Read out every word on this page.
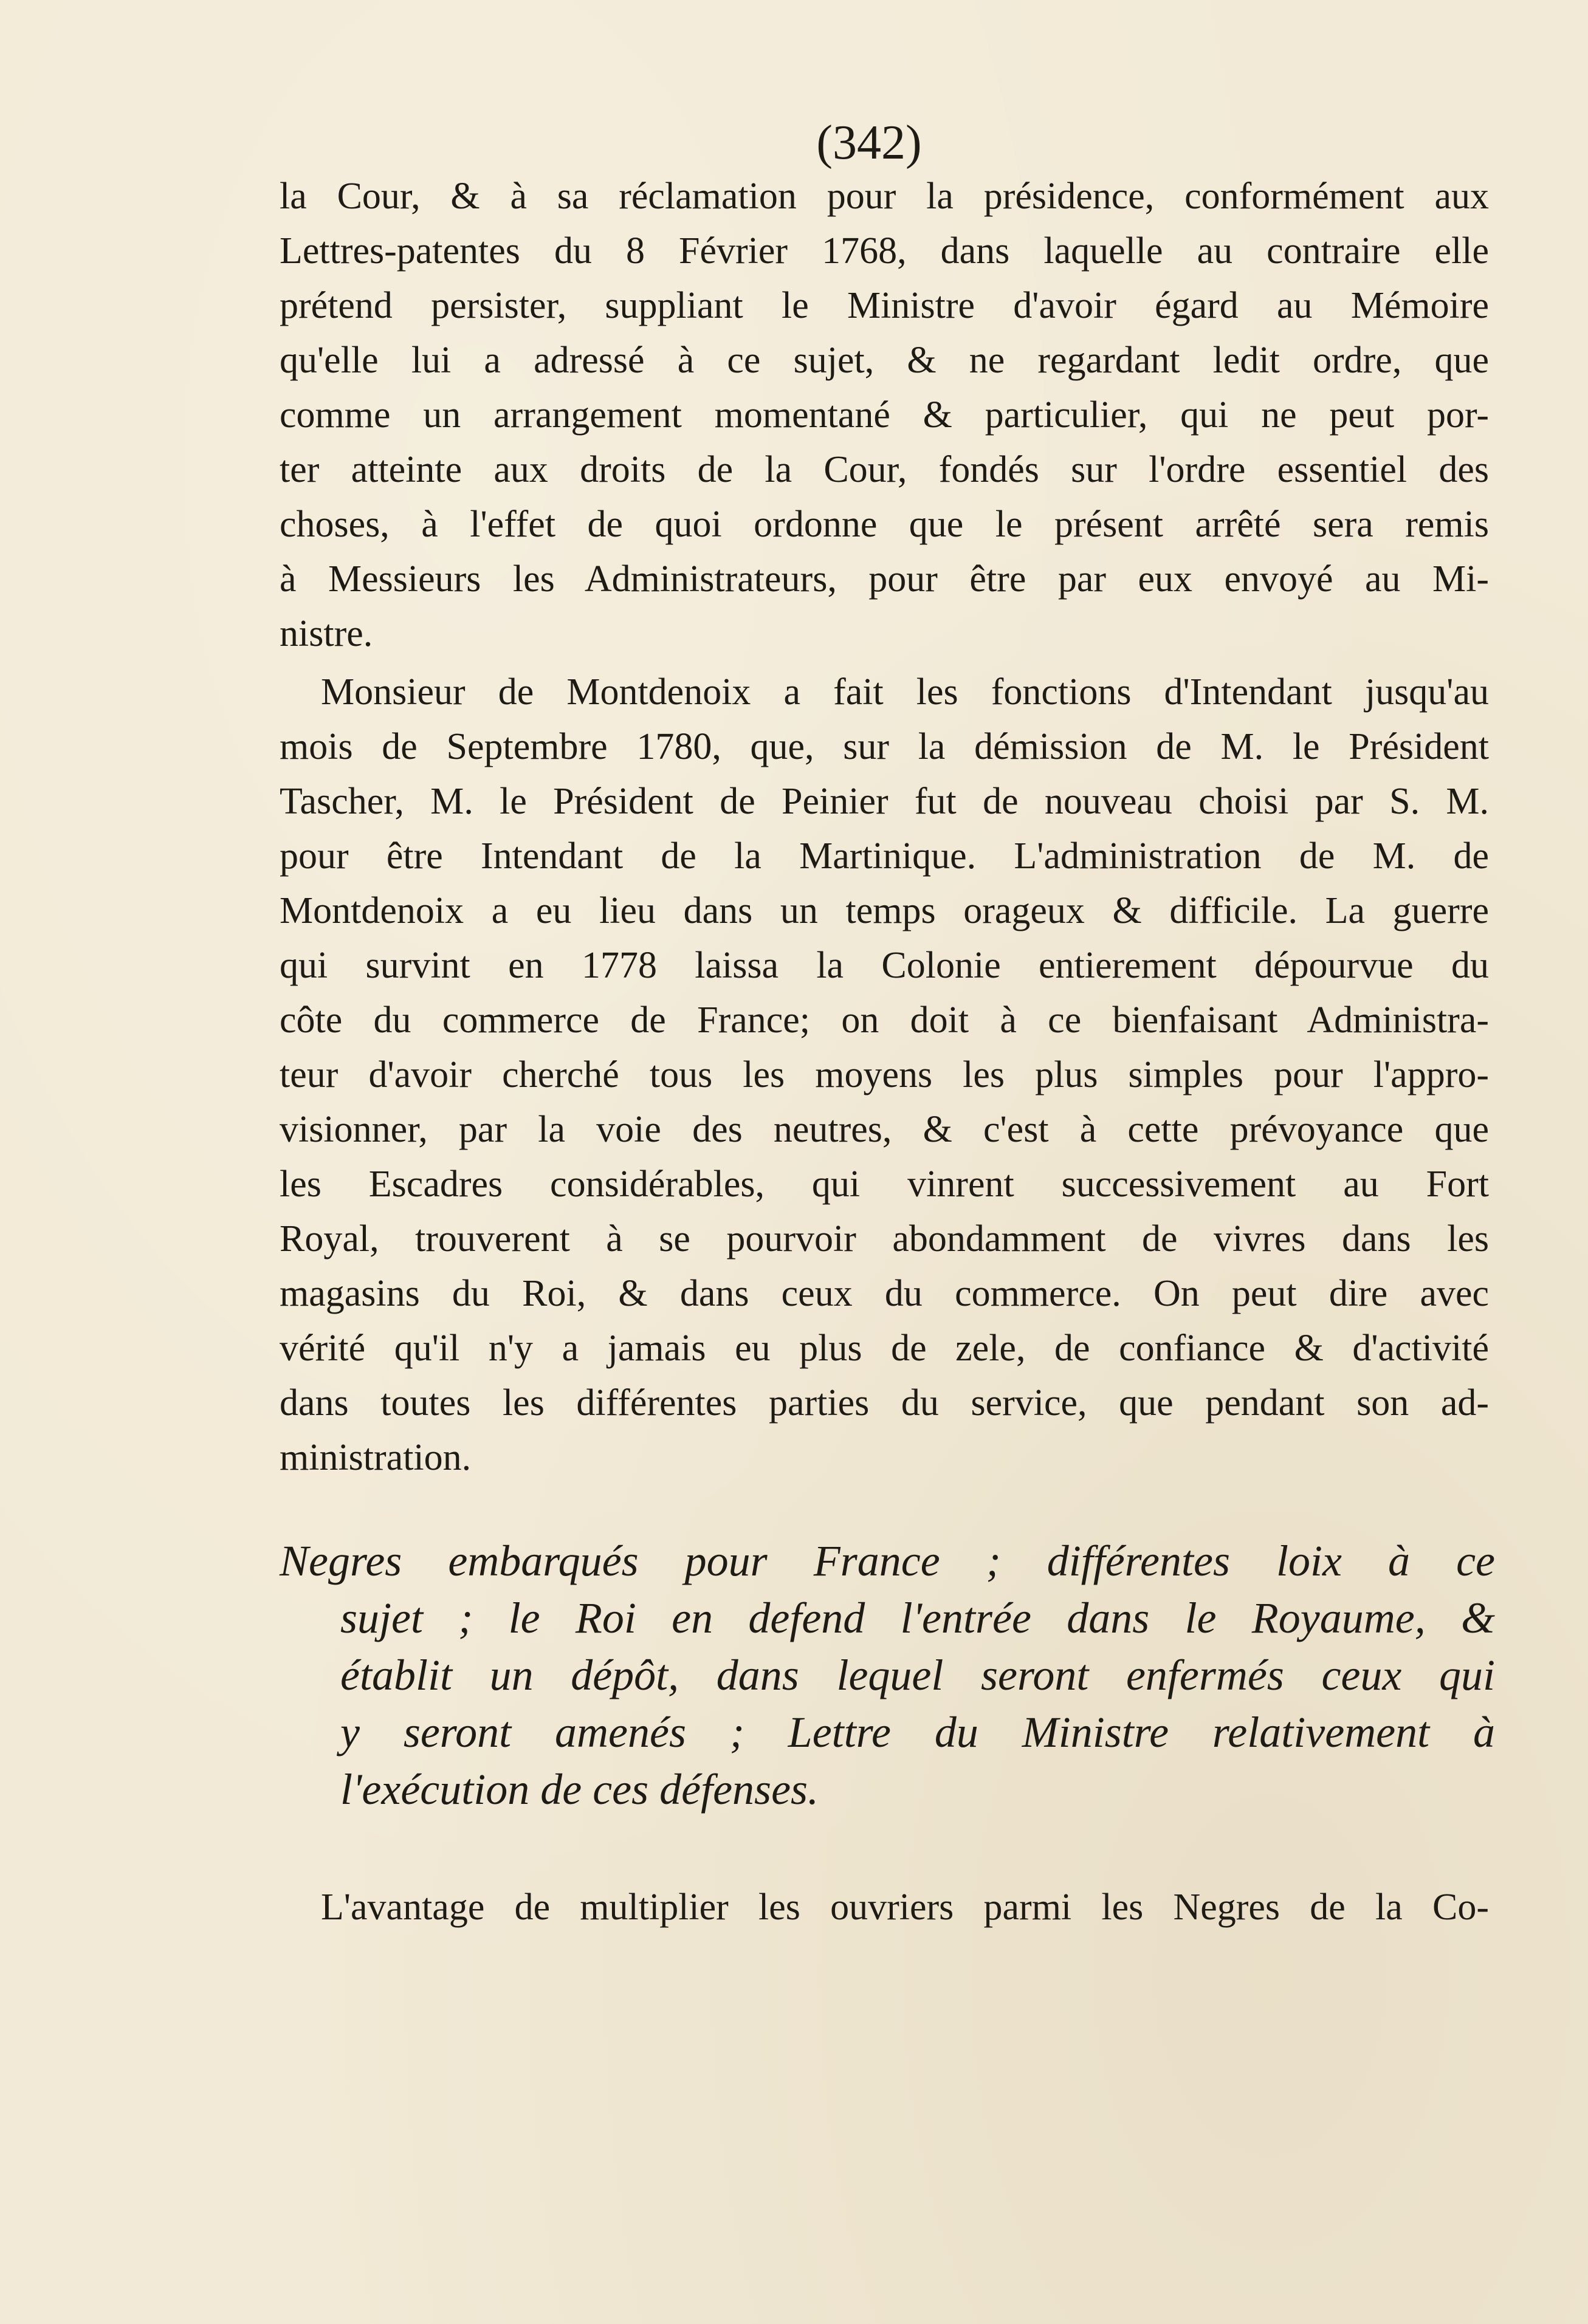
(342)
la Cour, & à sa réclamation pour la présidence, conformément aux
Lettres-patentes du 8 Février 1768, dans laquelle au contraire elle
prétend persister, suppliant le Ministre d'avoir égard au Mémoire
qu'elle lui a adressé à ce sujet, & ne regardant ledit ordre, que
comme un arrangement momentané & particulier, qui ne peut por-
ter atteinte aux droits de la Cour, fondés sur l'ordre essentiel des
choses, à l'effet de quoi ordonne que le présent arrêté sera remis
à Messieurs les Administrateurs, pour être par eux envoyé au Mi-
nistre.
Monsieur de Montdenoix a fait les fonctions d'Intendant jusqu'au
mois de Septembre 1780, que, sur la démission de M. le Président
Tascher, M. le Président de Peinier fut de nouveau choisi par S. M.
pour être Intendant de la Martinique. L'administration de M. de
Montdenoix a eu lieu dans un temps orageux & difficile. La guerre
qui survint en 1778 laissa la Colonie entierement dépourvue du
côte du commerce de France; on doit à ce bienfaisant Administra-
teur d'avoir cherché tous les moyens les plus simples pour l'appro-
visionner, par la voie des neutres, & c'est à cette prévoyance que
les Escadres considérables, qui vinrent successivement au Fort
Royal, trouverent à se pourvoir abondamment de vivres dans les
magasins du Roi, & dans ceux du commerce. On peut dire avec
vérité qu'il n'y a jamais eu plus de zele, de confiance & d'activité
dans toutes les différentes parties du service, que pendant son ad-
ministration.
Negres embarqués pour France ; différentes loix à ce
sujet ; le Roi en defend l'entrée dans le Royaume, &
établit un dépôt, dans lequel seront enfermés ceux qui
y seront amenés ; Lettre du Ministre relativement à
l'exécution de ces défenses.
L'avantage de multiplier les ouvriers parmi les Negres de la Co-
